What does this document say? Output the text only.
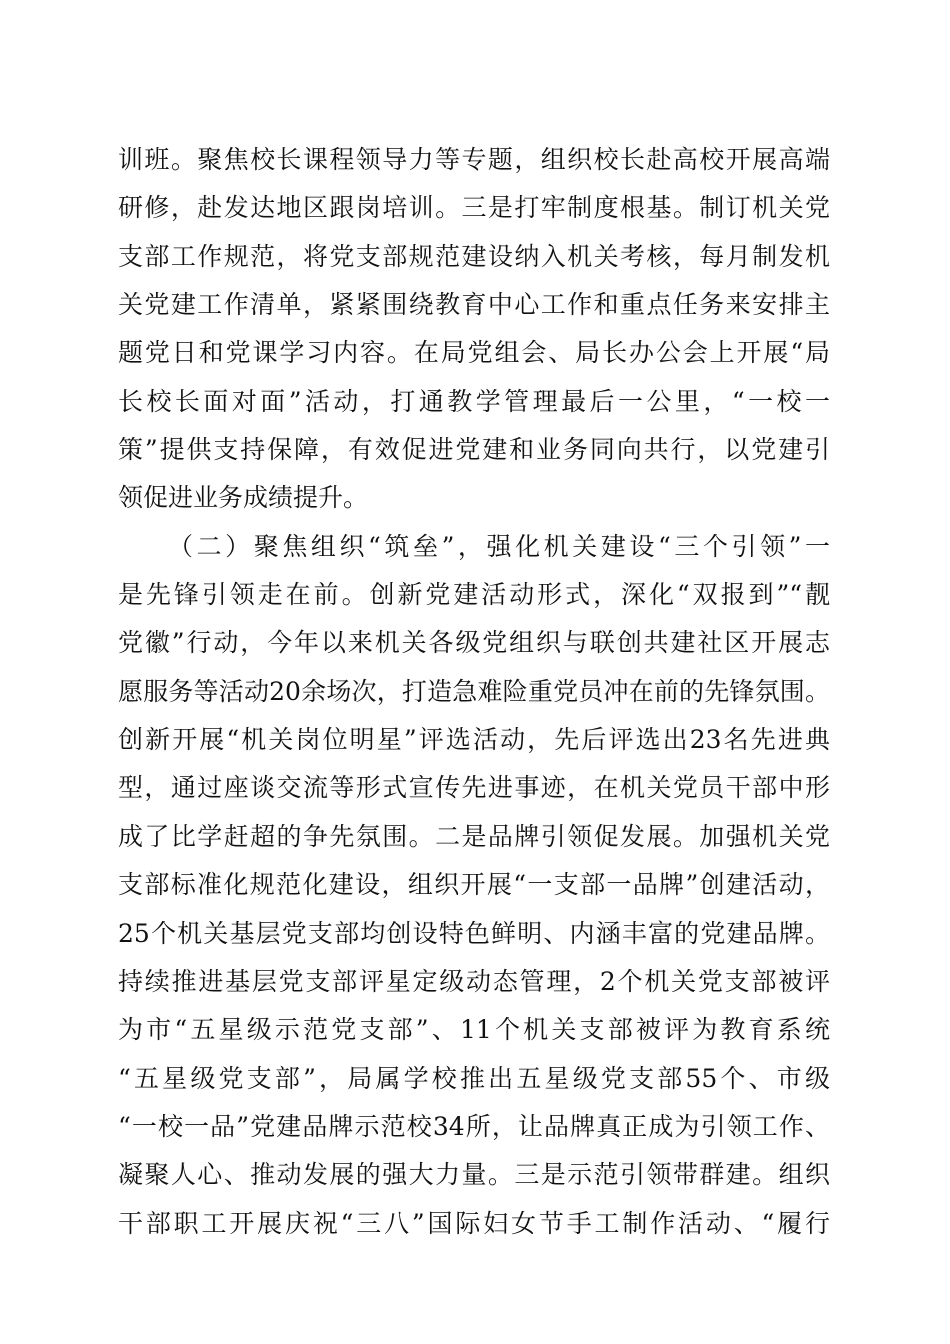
训班。聚焦校长课程领导力等专题，组织校长赴高校开展高端
研修，赴发达地区跟岗培训。三是打牢制度根基。制订机关党
支部工作规范，将党支部规范建设纳入机关考核，每月制发机
关党建工作清单，紧紧围绕教育中心工作和重点任务来安排主
题党日和党课学习内容。在局党组会、局长办公会上开展“局
长校长面对面”活动，打通教学管理最后一公里，“一校一
策”提供支持保障，有效促进党建和业务同向共行，以党建引
领促进业务成绩提升。
（二）聚焦组织“筑垒”，强化机关建设“三个引领”一
是先锋引领走在前。创新党建活动形式，深化“双报到”“靓
党徽”行动，今年以来机关各级党组织与联创共建社区开展志
愿服务等活动20余场次，打造急难险重党员冲在前的先锋氛围。
创新开展“机关岗位明星”评选活动，先后评选出23名先进典
型，通过座谈交流等形式宣传先进事迹，在机关党员干部中形
成了比学赶超的争先氛围。二是品牌引领促发展。加强机关党
支部标准化规范化建设，组织开展“一支部一品牌”创建活动，
25个机关基层党支部均创设特色鲜明、内涵丰富的党建品牌。
持续推进基层党支部评星定级动态管理，2个机关党支部被评
为市“五星级示范党支部”、11个机关支部被评为教育系统
“五星级党支部”，局属学校推出五星级党支部55个、市级
“一校一品”党建品牌示范校34所，让品牌真正成为引领工作、
凝聚人心、推动发展的强大力量。三是示范引领带群建。组织
干部职工开展庆祝“三八”国际妇女节手工制作活动、“履行
